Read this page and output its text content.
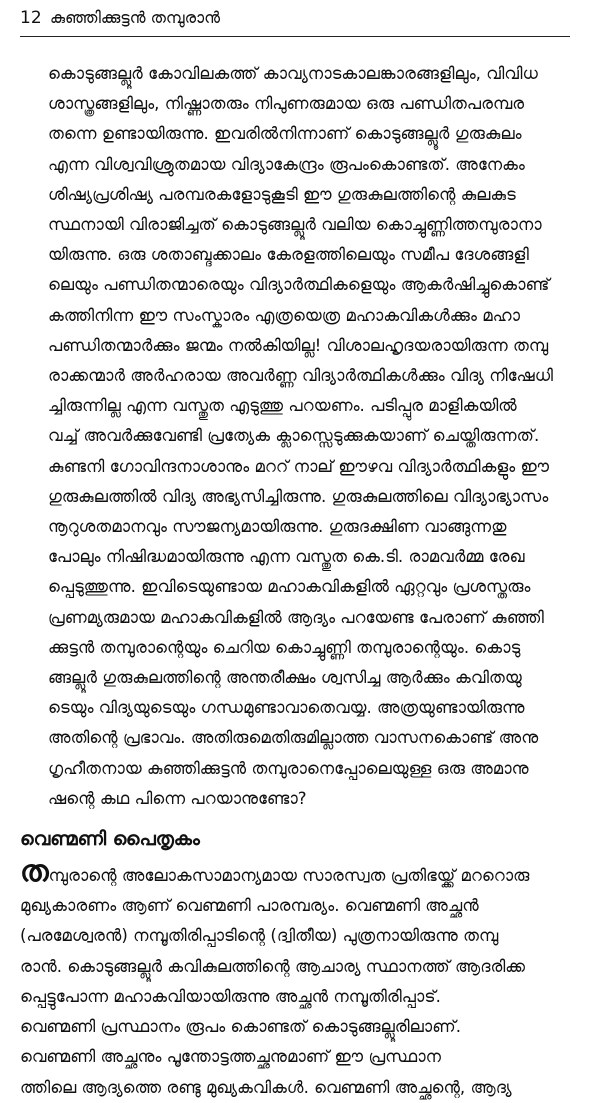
12 കുഞ്ഞിക്കുട്ടൻ തമ്പുരാൻ

കൊടുങ്ങല്ലൂർ കോവിലകത്ത് കാവ്യനാടകാലങ്കാരങ്ങളിലും, വിവിധ
ശാസ്ത്രങ്ങളിലും, നിഷ്ണാതരും നിപുണരുമായ ഒരു പണ്ഡിതപരമ്പര
തന്നെ ഉണ്ടായിരുന്നു. ഇവരിൽനിന്നാണ് കൊടുങ്ങല്ലൂർ ഗുരുകുലം
എന്ന വിശ്വവിശ്രുതമായ വിദ്യാകേന്ദ്രം രൂപംകൊണ്ടത്. അനേകം
ശിഷ്യപ്രശിഷ്യ പരമ്പരകളോടുകൂടി ഈ ഗുരുകുലത്തിന്റെ കുലകുട
സ്ഥനായി വിരാജിച്ചത് കൊടുങ്ങല്ലൂർ വലിയ കൊച്ചുണ്ണിത്തമ്പുരാനാ
യിരുന്നു. ഒരു ശതാബ്ദക്കാലം കേരളത്തിലെയും സമീപ ദേശങ്ങളി
ലെയും പണ്ഡിതന്മാരെയും വിദ്യാർത്ഥികളെയും ആകർഷിച്ചുകൊണ്ട്
കത്തിനിന്ന ഈ സംസ്കാരം എത്രയെത്ര മഹാകവികൾക്കും മഹാ
പണ്ഡിതന്മാർക്കും ജന്മം നൽകിയില്ല! വിശാലഹൃദയരായിരുന്ന തമ്പു
രാക്കന്മാർ അർഹരായ അവർണ്ണ വിദ്യാർത്ഥികൾക്കും വിദ്യ നിഷേധി
ച്ചിരുന്നില്ല എന്ന വസ്തുത എടുത്തു പറയണം. പടിപ്പുര മാളികയിൽ
വച്ച് അവർക്കുവേണ്ടി പ്രത്യേക ക്ലാസ്സെടുക്കുകയാണ് ചെയ്തിരുന്നത്.
കുണ്ടനി ഗോവിന്ദനാശാനും മററ് നാല് ഈഴവ വിദ്യാർത്ഥികളും ഈ
ഗുരുകുലത്തിൽ വിദ്യ അഭ്യസിച്ചിരുന്നു. ഗുരുകുലത്തിലെ വിദ്യാഭ്യാസം
നൂറുശതമാനവും സൗജന്യമായിരുന്നു. ഗുരുദക്ഷിണ വാങ്ങുന്നതു
പോലും നിഷിദ്ധമായിരുന്നു എന്ന വസ്തുത കെ.ടി. രാമവർമ്മ രേഖ
പ്പെടുത്തുന്നു. ഇവിടെയുണ്ടായ മഹാകവികളിൽ ഏറ്റവും പ്രശസ്തരും
പ്രണമ്യരുമായ മഹാകവികളിൽ ആദ്യം പറയേണ്ട പേരാണ് കുഞ്ഞി
ക്കുട്ടൻ തമ്പുരാന്റെയും ചെറിയ കൊച്ചുണ്ണി തമ്പുരാന്റെയും. കൊടു
ങ്ങല്ലൂർ ഗുരുകുലത്തിന്റെ അന്തരീക്ഷം ശ്വസിച്ച ആർക്കും കവിതയു
ടെയും വിദ്യയുടെയും ഗന്ധമുണ്ടാവാതെവയ്യ. അത്രയുണ്ടായിരുന്നു
അതിന്റെ പ്രഭാവം. അതിരുമെതിരുമില്ലാത്ത വാസനകൊണ്ട് അനു
ഗൃഹീതനായ കുഞ്ഞിക്കുട്ടൻ തമ്പുരാനെപ്പോലെയുള്ള ഒരു അമാനു
ഷന്റെ കഥ പിന്നെ പറയാനുണ്ടോ?

വെണ്മണി പൈതൃകം

തമ്പുരാന്റെ അലോകസാമാന്യമായ സാരസ്വത പ്രതിഭയ്ക്ക് മററൊരു
മുഖ്യകാരണം ആണ് വെണ്മണി പാരമ്പര്യം. വെണ്മണി അച്ഛൻ
(പരമേശ്വരൻ) നമ്പൂതിരിപ്പാടിന്റെ (ദ്വിതീയ) പുത്രനായിരുന്നു തമ്പു
രാൻ. കൊടുങ്ങല്ലൂർ കവികുലത്തിന്റെ ആചാര്യ സ്ഥാനത്ത് ആദരിക്ക
പ്പെട്ടുപോന്ന മഹാകവിയായിരുന്നു അച്ഛൻ നമ്പൂതിരിപ്പാട്.
വെണ്മണി പ്രസ്ഥാനം രൂപം കൊണ്ടത് കൊടുങ്ങല്ലൂരിലാണ്.
വെണ്മണി അച്ഛനും പൂന്തോട്ടത്തച്ഛനുമാണ് ഈ പ്രസ്ഥാന
ത്തിലെ ആദ്യത്തെ രണ്ടു മുഖ്യകവികൾ. വെണ്മണി അച്ഛന്റെ, ആദ്യ
